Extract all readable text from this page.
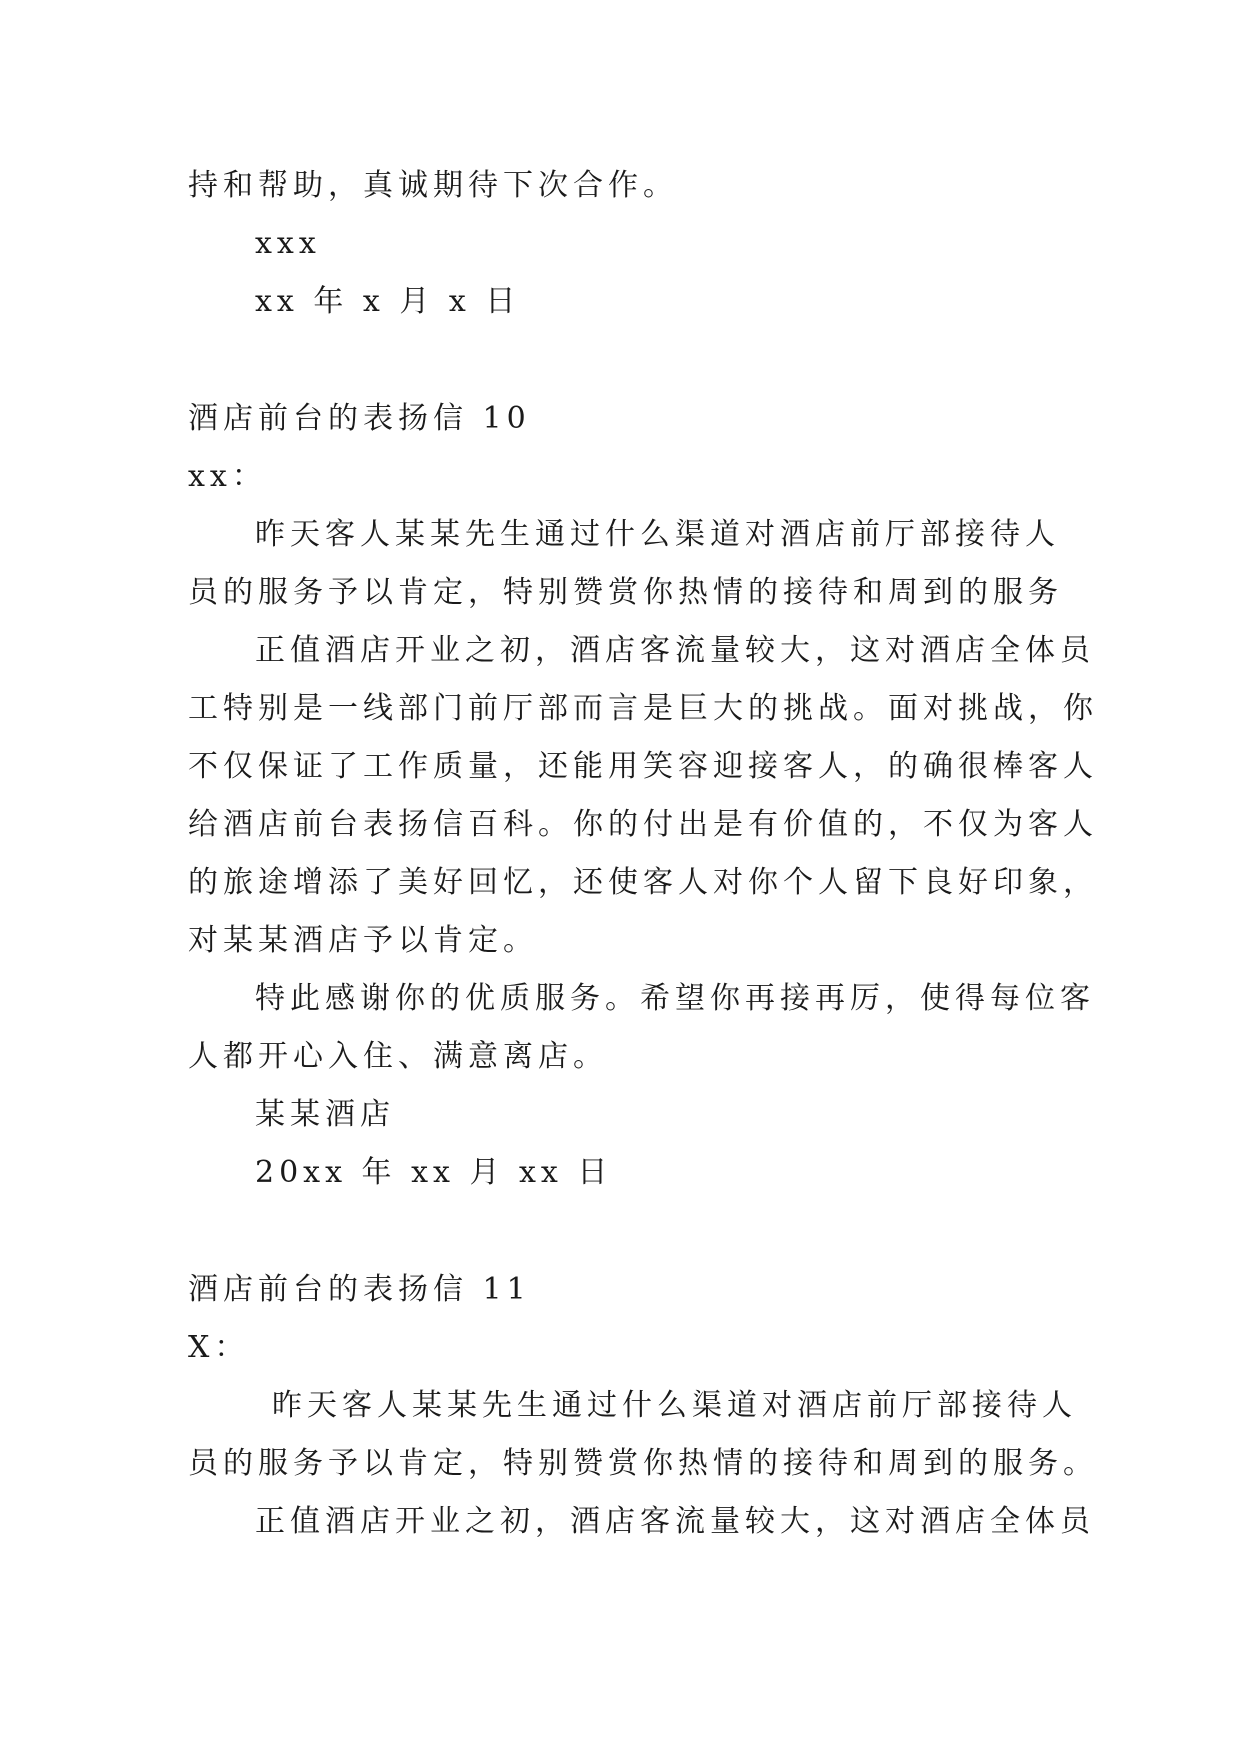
持和帮助，真诚期待下次合作。
xxx
xx 年 x 月 x 日
酒店前台的表扬信 10
xx：
昨天客人某某先生通过什么渠道对酒店前厅部接待人
员的服务予以肯定，特别赞赏你热情的接待和周到的服务
正值酒店开业之初，酒店客流量较大，这对酒店全体员
工特别是一线部门前厅部而言是巨大的挑战。面对挑战，你
不仅保证了工作质量，还能用笑容迎接客人，的确很棒客人
给酒店前台表扬信百科。你的付出是有价值的，不仅为客人
的旅途增添了美好回忆，还使客人对你个人留下良好印象，
对某某酒店予以肯定。
特此感谢你的优质服务。希望你再接再厉，使得每位客
人都开心入住、满意离店。
某某酒店
20xx 年 xx 月 xx 日
酒店前台的表扬信 11
X：
昨天客人某某先生通过什么渠道对酒店前厅部接待人
员的服务予以肯定，特别赞赏你热情的接待和周到的服务。
正值酒店开业之初，酒店客流量较大，这对酒店全体员
